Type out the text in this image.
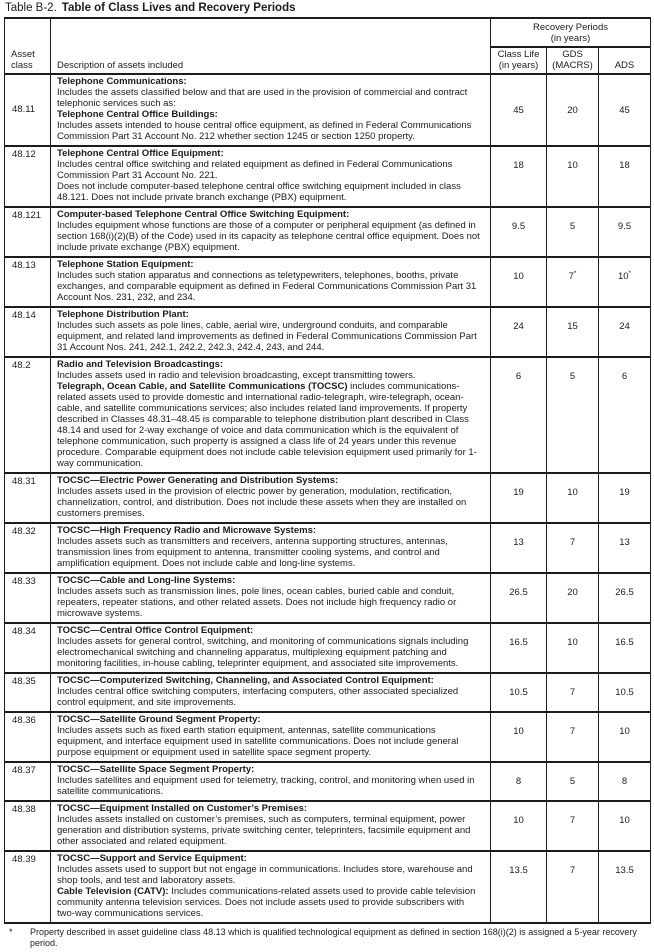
Table B-2. Table of Class Lives and Recovery Periods
Asset
class	Description of assets included	Recovery Periods
(in years)		
		Class Life
(in years)	GDS
(MACRS)	ADS
48.11	Telephone Communications:
Includes the assets classified below and that are used in the provision of commercial and contract telephonic services such as:
Telephone Central Office Buildings:
Includes assets intended to house central office equipment, as defined in Federal Communications Commission Part 31 Account No. 212 whether section 1245 or section 1250 property.	45	20	45
48.12	Telephone Central Office Equipment:
Includes central office switching and related equipment as defined in Federal Communications Commission Part 31 Account No. 221.
Does not include computer-based telephone central office switching equipment included in class 48.121. Does not include private branch exchange (PBX) equipment.	18	10	18
48.121	Computer-based Telephone Central Office Switching Equipment:
Includes equipment whose functions are those of a computer or peripheral equipment (as defined in section 168(i)(2)(B) of the Code) used in its capacity as telephone central office equipment. Does not include private exchange (PBX) equipment.	9.5	5	9.5
48.13	Telephone Station Equipment:
Includes such station apparatus and connections as teletypewriters, telephones, booths, private exchanges, and comparable equipment as defined in Federal Communications Commission Part 31 Account Nos. 231, 232, and 234.	10	7*	10*
48.14	Telephone Distribution Plant:
Includes such assets as pole lines, cable, aerial wire, underground conduits, and comparable equipment, and related land improvements as defined in Federal Communications Commission Part 31 Account Nos. 241, 242.1, 242.2, 242.3, 242.4, 243, and 244.	24	15	24
48.2	Radio and Television Broadcastings:
Includes assets used in radio and television broadcasting, except transmitting towers.
Telegraph, Ocean Cable, and Satellite Communications (TOCSC) includes communications-related assets used to provide domestic and international radio-telegraph, wire-telegraph, ocean-cable, and satellite communications services; also includes related land improvements. If property described in Classes 48.31–48.45 is comparable to telephone distribution plant described in Class 48.14 and used for 2-way exchange of voice and data communication which is the equivalent of telephone communication, such property is assigned a class life of 24 years under this revenue procedure. Comparable equipment does not include cable television equipment used primarily for 1-way communication.	6	5	6
48.31	TOCSC—Electric Power Generating and Distribution Systems:
Includes assets used in the provision of electric power by generation, modulation, rectification, channelization, control, and distribution. Does not include these assets when they are installed on customers premises.	19	10	19
48.32	TOCSC—High Frequency Radio and Microwave Systems:
Includes assets such as transmitters and receivers, antenna supporting structures, antennas, transmission lines from equipment to antenna, transmitter cooling systems, and control and amplification equipment. Does not include cable and long-line systems.	13	7	13
48.33	TOCSC—Cable and Long-line Systems:
Includes assets such as transmission lines, pole lines, ocean cables, buried cable and conduit, repeaters, repeater stations, and other related assets. Does not include high frequency radio or microwave systems.	26.5	20	26.5
48.34	TOCSC—Central Office Control Equipment:
Includes assets for general control, switching, and monitoring of communications signals including electromechanical switching and channeling apparatus, multiplexing equipment patching and monitoring facilities, in-house cabling, teleprinter equipment, and associated site improvements.	16.5	10	16.5
48.35	TOCSC—Computerized Switching, Channeling, and Associated Control Equipment:
Includes central office switching computers, interfacing computers, other associated specialized control equipment, and site improvements.	10.5	7	10.5
48.36	TOCSC—Satellite Ground Segment Property:
Includes assets such as fixed earth station equipment, antennas, satellite communications equipment, and interface equipment used in satellite communications. Does not include general purpose equipment or equipment used in satellite space segment property.	10	7	10
48.37	TOCSC—Satellite Space Segment Property:
Includes satellites and equipment used for telemetry, tracking, control, and monitoring when used in satellite communications.	8	5	8
48.38	TOCSC—Equipment Installed on Customer’s Premises:
Includes assets installed on customer’s premises, such as computers, terminal equipment, power generation and distribution systems, private switching center, teleprinters, facsimile equipment and other associated and related equipment.	10	7	10
48.39	TOCSC—Support and Service Equipment:
Includes assets used to support but not engage in communications. Includes store, warehouse and shop tools, and test and laboratory assets.
Cable Television (CATV): Includes communications-related assets used to provide cable television community antenna television services. Does not include assets used to provide subscribers with two-way communications services.	13.5	7	13.5
*	Property described in asset guideline class 48.13 which is qualified technological equipment as defined in section 168(i)(2) is assigned a 5-year recovery period.
